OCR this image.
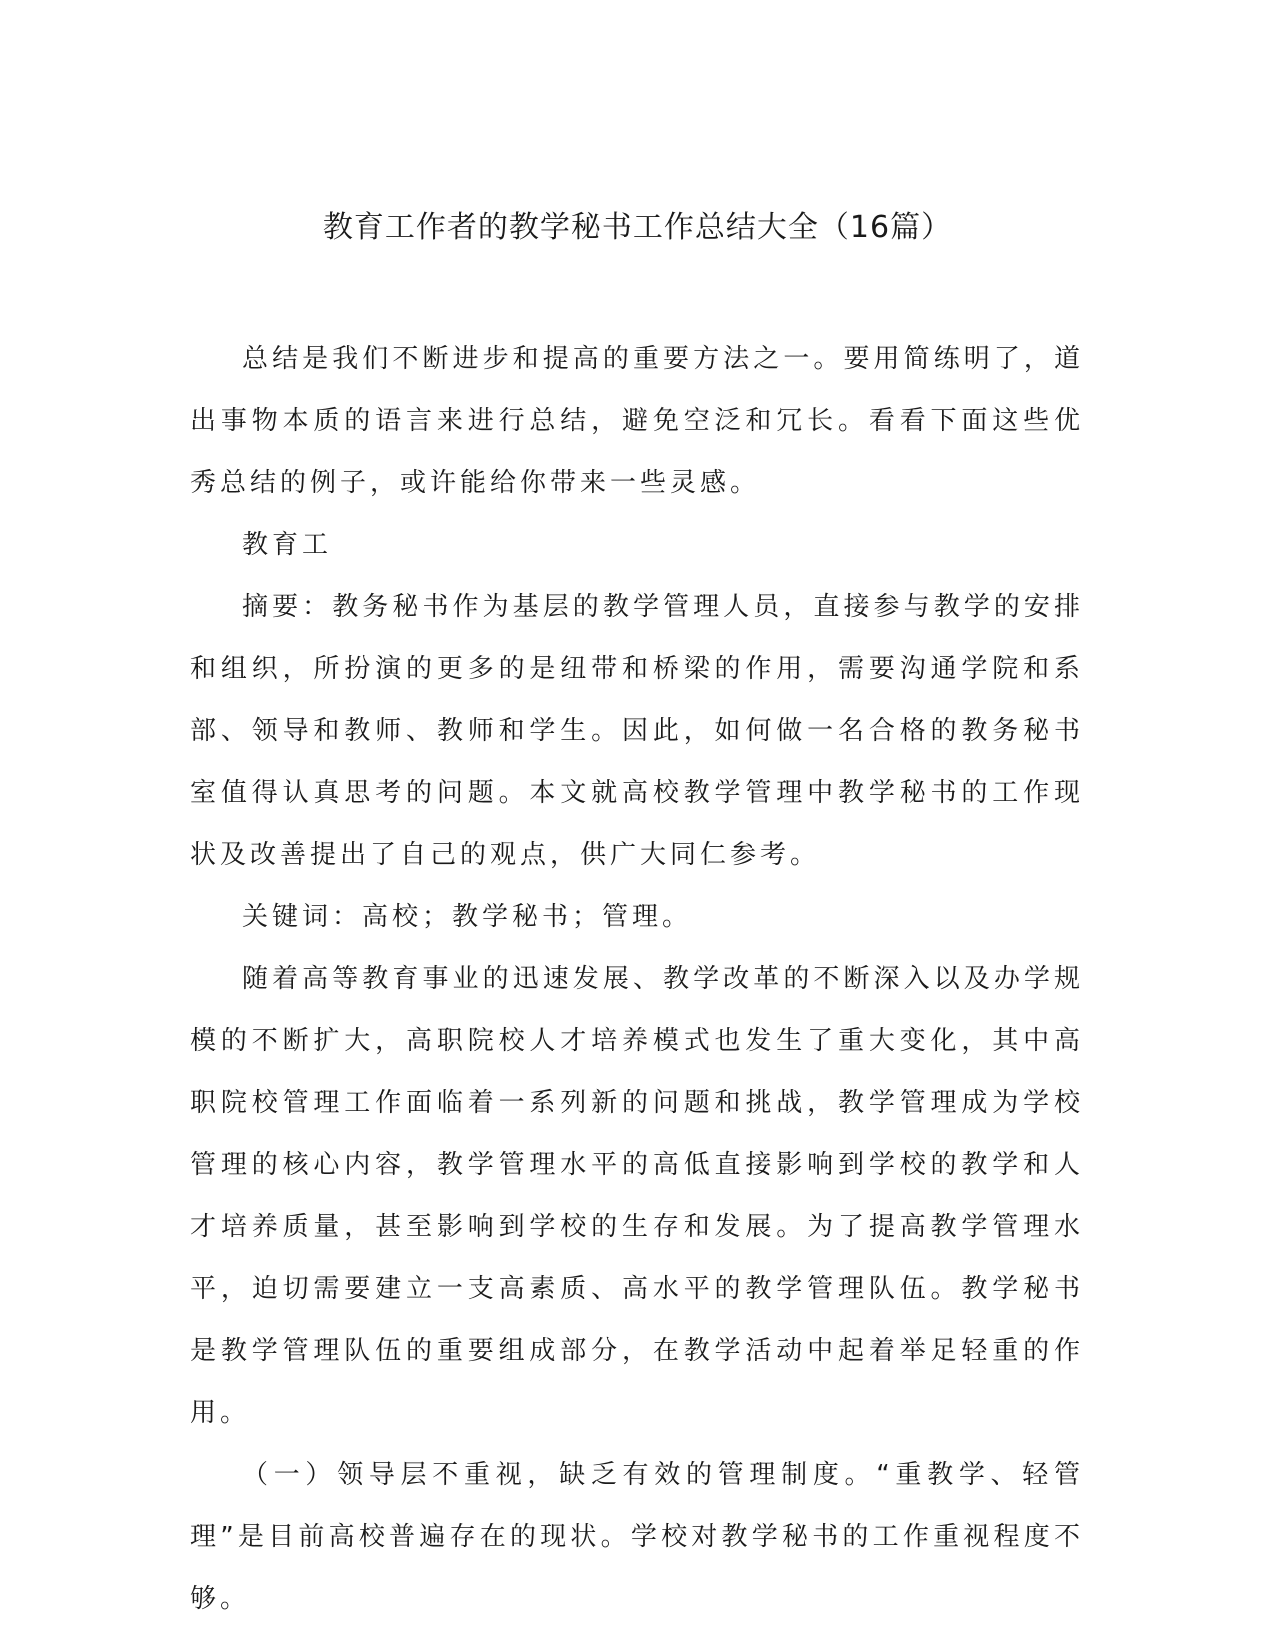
教育工作者的教学秘书工作总结大全（16篇）

总结是我们不断进步和提高的重要方法之一。要用简练明了，道出事物本质的语言来进行总结，避免空泛和冗长。看看下面这些优秀总结的例子，或许能给你带来一些灵感。

教育工

摘要：教务秘书作为基层的教学管理人员，直接参与教学的安排和组织，所扮演的更多的是纽带和桥梁的作用，需要沟通学院和系部、领导和教师、教师和学生。因此，如何做一名合格的教务秘书室值得认真思考的问题。本文就高校教学管理中教学秘书的工作现状及改善提出了自己的观点，供广大同仁参考。

关键词：高校；教学秘书；管理。

随着高等教育事业的迅速发展、教学改革的不断深入以及办学规模的不断扩大，高职院校人才培养模式也发生了重大变化，其中高职院校管理工作面临着一系列新的问题和挑战，教学管理成为学校管理的核心内容，教学管理水平的高低直接影响到学校的教学和人才培养质量，甚至影响到学校的生存和发展。为了提高教学管理水平，迫切需要建立一支高素质、高水平的教学管理队伍。教学秘书是教学管理队伍的重要组成部分，在教学活动中起着举足轻重的作用。

（一）领导层不重视，缺乏有效的管理制度。“重教学、轻管理”是目前高校普遍存在的现状。学校对教学秘书的工作重视程度不够。
